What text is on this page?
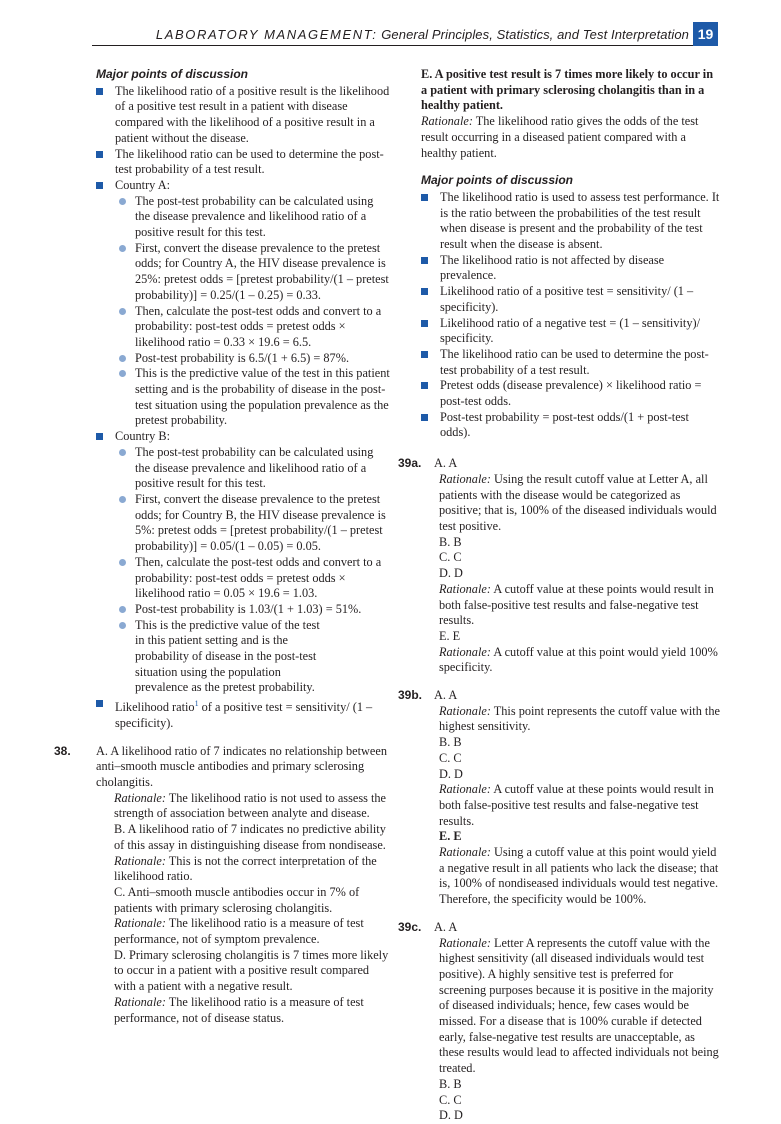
LABORATORY MANAGEMENT: General Principles, Statistics, and Test Interpretation 19

Major points of discussion

The likelihood ratio of a positive result is the likelihood of a positive test result in a patient with disease compared with the likelihood of a positive result in a patient without the disease.

The likelihood ratio can be used to determine the post-test probability of a test result.

Country A:

The post-test probability can be calculated using the disease prevalence and likelihood ratio of a positive result for this test.

First, convert the disease prevalence to the pretest odds; for Country A, the HIV disease prevalence is 25%: pretest odds = [pretest probability/(1 – pretest probability)] = 0.25/(1 – 0.25) = 0.33.

Then, calculate the post-test odds and convert to a probability: post-test odds = pretest odds × likelihood ratio = 0.33 × 19.6 = 6.5.

Post-test probability is 6.5/(1 + 6.5) = 87%.

This is the predictive value of the test in this patient setting and is the probability of disease in the post-test situation using the population prevalence as the pretest probability.

Country B:

The post-test probability can be calculated using the disease prevalence and likelihood ratio of a positive result for this test.

First, convert the disease prevalence to the pretest odds; for Country B, the HIV disease prevalence is 5%: pretest odds = [pretest probability/(1 – pretest probability)] = 0.05/(1 – 0.05) = 0.05.

Then, calculate the post-test odds and convert to a probability: post-test odds = pretest odds × likelihood ratio = 0.05 × 19.6 = 1.03.

Post-test probability is 1.03/(1 + 1.03) = 51%.

This is the predictive value of the test in this patient setting and is the probability of disease in the post-test situation using the population prevalence as the pretest probability.

Likelihood ratio$^1$ of a positive test = sensitivity/ (1 – specificity).

38.	A. A likelihood ratio of 7 indicates no relationship between anti–smooth muscle antibodies and primary sclerosing cholangitis.

Rationale: The likelihood ratio is not used to assess the strength of association between analyte and disease.

B. A likelihood ratio of 7 indicates no predictive ability of this assay in distinguishing disease from nondisease.

Rationale: This is not the correct interpretation of the likelihood ratio.

C. Anti–smooth muscle antibodies occur in 7% of patients with primary sclerosing cholangitis.

Rationale: The likelihood ratio is a measure of test performance, not of symptom prevalence.

D. Primary sclerosing cholangitis is 7 times more likely to occur in a patient with a positive result compared with a patient with a negative result.

Rationale: The likelihood ratio is a measure of test performance, not of disease status.

E. A positive test result is 7 times more likely to occur in a patient with primary sclerosing cholangitis than in a healthy patient.

Rationale: The likelihood ratio gives the odds of the test result occurring in a diseased patient compared with a healthy patient.

Major points of discussion

The likelihood ratio is used to assess test performance. It is the ratio between the probabilities of the test result when disease is present and the probability of the test result when the disease is absent.

The likelihood ratio is not affected by disease prevalence.

Likelihood ratio of a positive test = sensitivity/ (1 – specificity).

Likelihood ratio of a negative test = (1 – sensitivity)/ specificity.

The likelihood ratio can be used to determine the post-test probability of a test result.

Pretest odds (disease prevalence) × likelihood ratio = post-test odds.

Post-test probability = post-test odds/(1 + post-test odds).

39a.	A. A

Rationale: Using the result cutoff value at Letter A, all patients with the disease would be categorized as positive; that is, 100% of the diseased individuals would test positive.

B. B

C. C

D. D

Rationale: A cutoff value at these points would result in both false-positive test results and false-negative test results.

E. E

Rationale: A cutoff value at this point would yield 100% specificity.

39b. A. A

Rationale: This point represents the cutoff value with the highest sensitivity.

B. B

C. C

D. D

Rationale: A cutoff value at these points would result in both false-positive test results and false-negative test results.

E. E

Rationale: Using a cutoff value at this point would yield a negative result in all patients who lack the disease; that is, 100% of nondiseased individuals would test negative. Therefore, the specificity would be 100%.

39c.	A. A

Rationale: Letter A represents the cutoff value with the highest sensitivity (all diseased individuals would test positive). A highly sensitive test is preferred for screening purposes because it is positive in the majority of diseased individuals; hence, few cases would be missed. For a disease that is 100% curable if detected early, false-negative test results are unacceptable, as these results would lead to affected individuals not being treated.

B. B

C. C

D. D
